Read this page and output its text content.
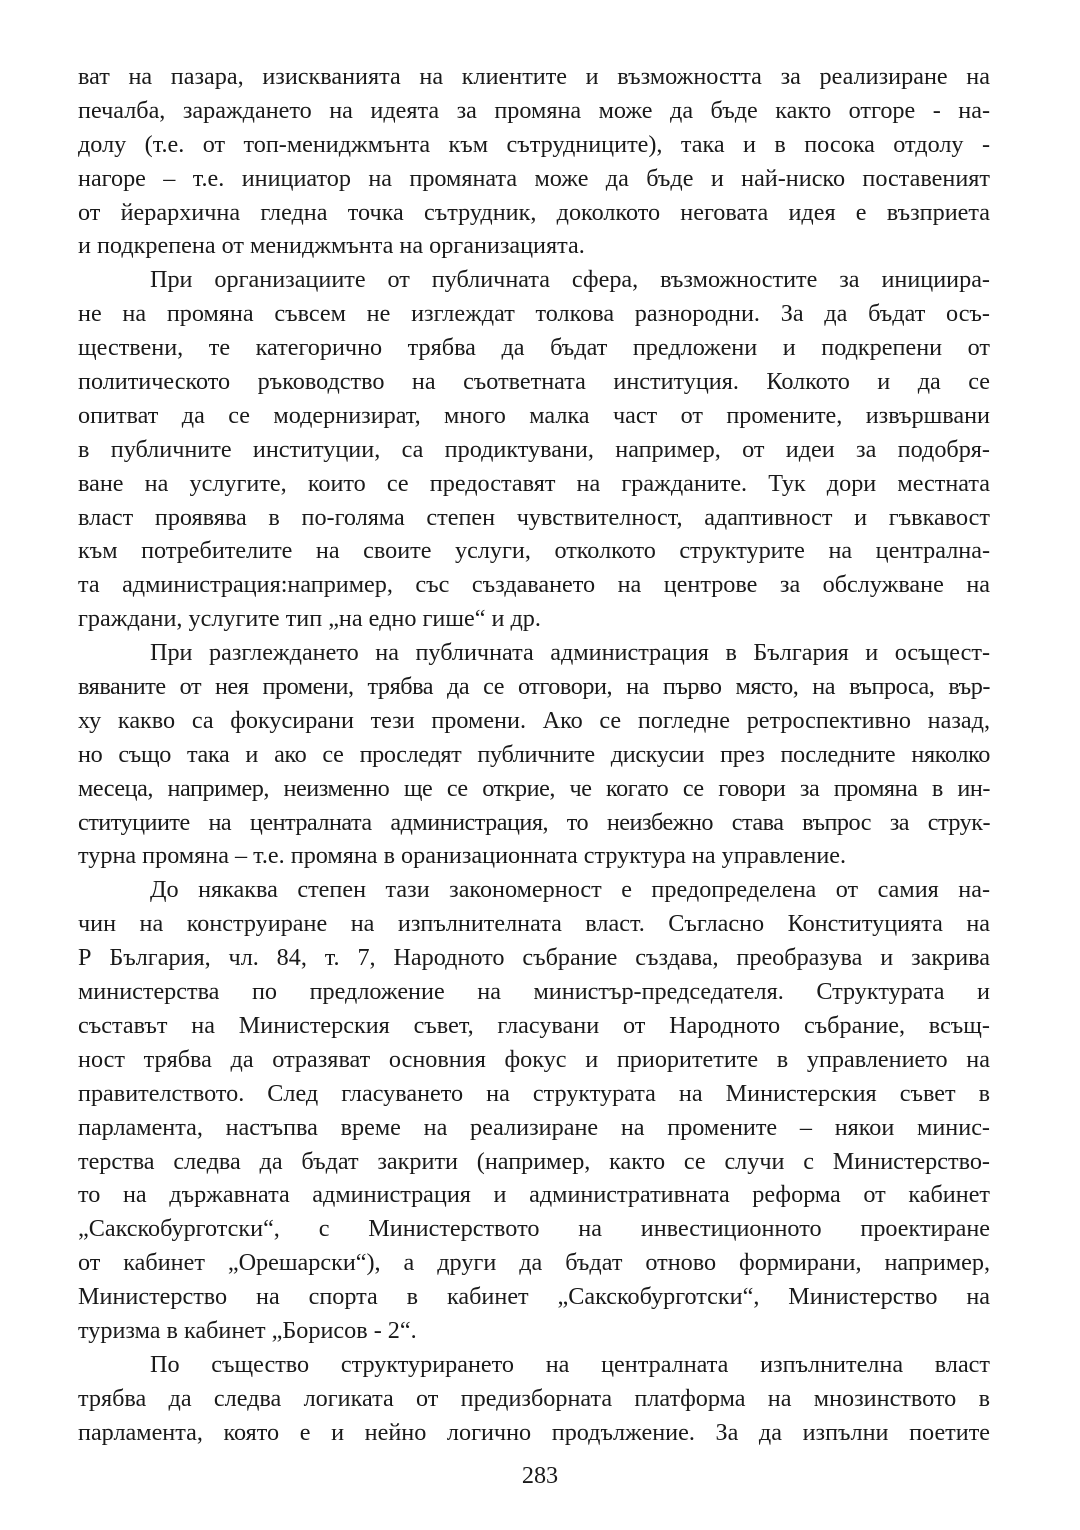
ват на пазара, изискванията на клиентите и възможността за реализиране на
печалба, зараждането на идеята за промяна може да бъде както отгоре - на-
долу (т.е. от топ-мениджмънта към сътрудниците), така и в посока отдолу -
нагоре – т.е. инициатор на промяната може да бъде и най-ниско поставеният
от йерархична гледна точка сътрудник, доколкото неговата идея е възприета
и подкрепена от мениджмънта на организацията.
При организациите от публичната сфера, възможностите за иницииpа-
не на промяна съвсем не изглеждат толкова разнородни. За да бъдат осъ-
ществени, те категорично трябва да бъдат предложени и подкрепени от
политическото ръководство на съответната институция. Колкото и да се
опитват да се модернизират, много малка част от промените, извършвани
в публичните институции, са продиктувани, например, от идеи за подобря-
ване на услугите, които се предоставят на гражданите. Тук дори местната
власт проявява в по-голяма степен чувствителност, адаптивност и гъвкавост
към потребителите на своите услуги, отколкото структурите на централна-
та администрация:например, със създаването на центрове за обслужване на
граждани, услугите тип „на едно гише“ и др.
При разглеждането на публичната администрация в България и осъщест-
вяваните от нея промени, трябва да се отговори, на първо място, на въпроса, вър-
ху какво са фокусирани тези промени. Ако се погледне ретроспективно назад,
но също така и ако се проследят публичните дискусии през последните няколко
месеца, например, неизменно ще се открие, че когато се говори за промяна в ин-
ституциите на централната администрация, то неизбежно става въпрос за струк-
турна промяна – т.е. промяна в оранизационната структура на управление.
До някаква степен тази закономерност е предопределена от самия на-
чин на конструиране на изпълнителната власт. Съгласно Конституцията на
Р България, чл. 84, т. 7, Народното събрание създава, преобразува и закрива
министерства по предложение на министър-председателя. Структурата и
съставът на Министерския съвет, гласувани от Народното събрание, всъщ-
ност трябва да отразяват основния фокус и приоритетите в управлението на
правителството. След гласуването на структурата на Министерския съвет в
парламента, настъпва време на реализиране на промените – някои минис-
терства следва да бъдат закрити (например, както се случи с Министерство-
то на държавната администрация и административната реформа от кабинет
„Сакскобурготски“, с Министерството на инвестиционното проектиране
от кабинет „Орешарски“), а други да бъдат отново формирани, например,
Министерство на спорта в кабинет „Сакскобурготски“, Министерство на
туризма в кабинет „Борисов - 2“.
По същество структурирането на централната изпълнителна власт
трябва да следва логиката от предизборната платформа на мнозинството в
парламента, която е и нейно логично продължение. За да изпълни поетите
283
